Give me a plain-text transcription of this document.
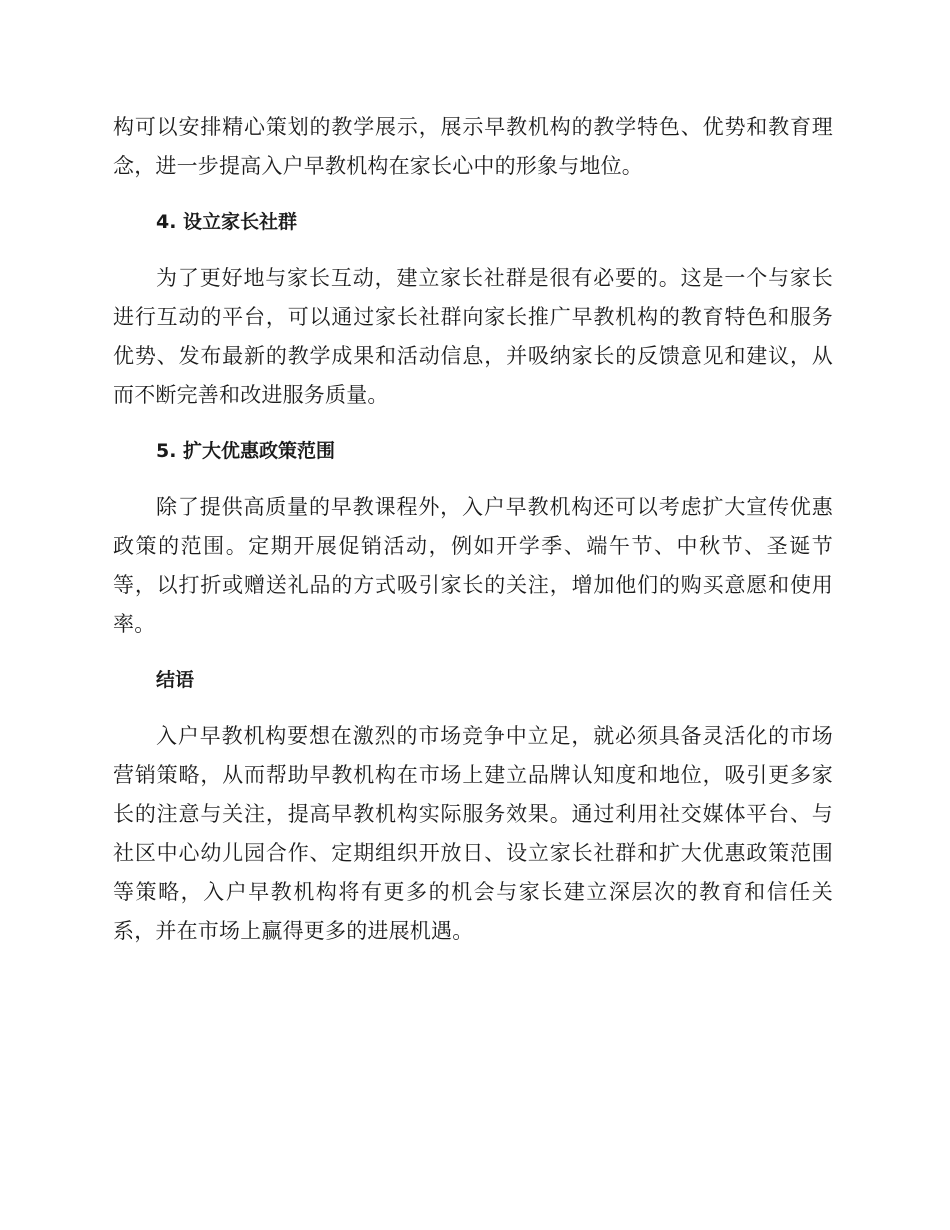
构可以安排精心策划的教学展示，展示早教机构的教学特色、优势和教育理念，进一步提高入户早教机构在家长心中的形象与地位。

4. 设立家长社群

为了更好地与家长互动，建立家长社群是很有必要的。这是一个与家长进行互动的平台，可以通过家长社群向家长推广早教机构的教育特色和服务优势、发布最新的教学成果和活动信息，并吸纳家长的反馈意见和建议，从而不断完善和改进服务质量。

5. 扩大优惠政策范围

除了提供高质量的早教课程外，入户早教机构还可以考虑扩大宣传优惠政策的范围。定期开展促销活动，例如开学季、端午节、中秋节、圣诞节等，以打折或赠送礼品的方式吸引家长的关注，增加他们的购买意愿和使用率。

结语

入户早教机构要想在激烈的市场竞争中立足，就必须具备灵活化的市场营销策略，从而帮助早教机构在市场上建立品牌认知度和地位，吸引更多家长的注意与关注，提高早教机构实际服务效果。通过利用社交媒体平台、与社区中心幼儿园合作、定期组织开放日、设立家长社群和扩大优惠政策范围等策略，入户早教机构将有更多的机会与家长建立深层次的教育和信任关系，并在市场上赢得更多的进展机遇。
